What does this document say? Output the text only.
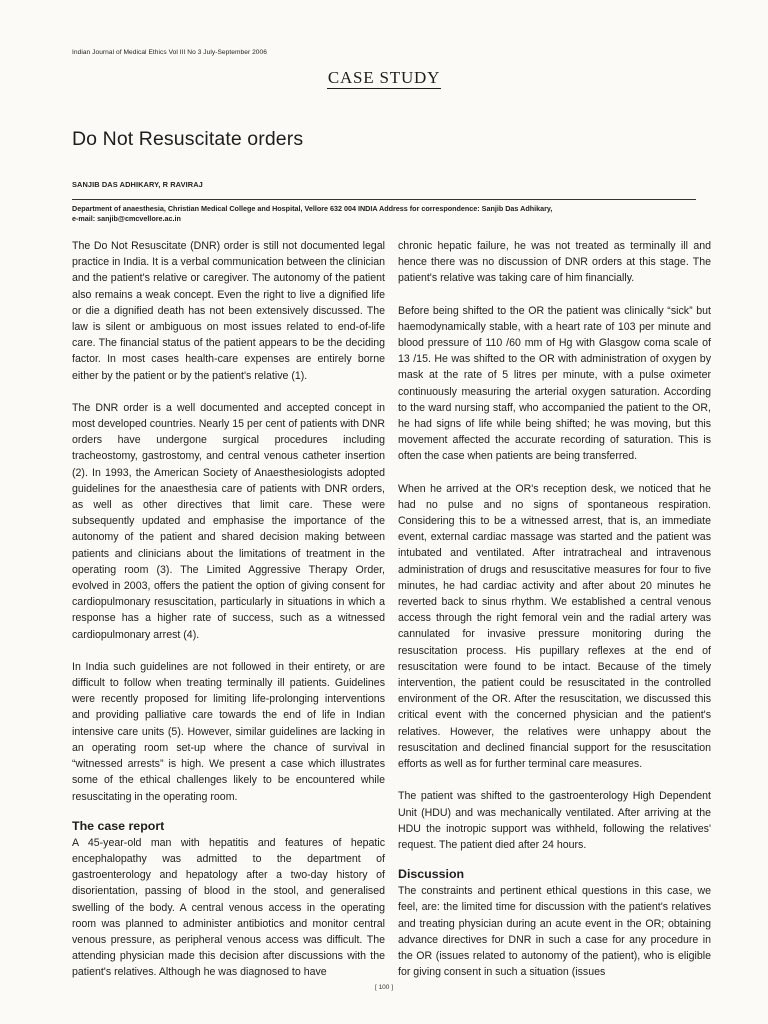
Indian Journal of Medical Ethics Vol III No 3 July-September 2006
CASE STUDY
Do Not Resuscitate orders
SANJIB DAS ADHIKARY, R RAVIRAJ
Department of anaesthesia, Christian Medical College and Hospital, Vellore 632 004 INDIA Address for correspondence: Sanjib Das Adhikary,
e-mail: sanjib@cmcvellore.ac.in

The Do Not Resuscitate (DNR) order is still not documented legal practice in India. It is a verbal communication between the clinician and the patient's relative or caregiver. The autonomy of the patient also remains a weak concept. Even the right to live a dignified life or die a dignified death has not been extensively discussed. The law is silent or ambiguous on most issues related to end-of-life care. The financial status of the patient appears to be the deciding factor. In most cases health-care expenses are entirely borne either by the patient or by the patient's relative (1).

The DNR order is a well documented and accepted concept in most developed countries. Nearly 15 per cent of patients with DNR orders have undergone surgical procedures including tracheostomy, gastrostomy, and central venous catheter insertion (2). In 1993, the American Society of Anaesthesiologists adopted guidelines for the anaesthesia care of patients with DNR orders, as well as other directives that limit care. These were subsequently updated and emphasise the importance of the autonomy of the patient and shared decision making between patients and clinicians about the limitations of treatment in the operating room (3). The Limited Aggressive Therapy Order, evolved in 2003, offers the patient the option of giving consent for cardiopulmonary resuscitation, particularly in situations in which a response has a higher rate of success, such as a witnessed cardiopulmonary arrest (4).

In India such guidelines are not followed in their entirety, or are difficult to follow when treating terminally ill patients. Guidelines were recently proposed for limiting life-prolonging interventions and providing palliative care towards the end of life in Indian intensive care units (5). However, similar guidelines are lacking in an operating room set-up where the chance of survival in “witnessed arrests” is high. We present a case which illustrates some of the ethical challenges likely to be encountered while resuscitating in the operating room.

The case report

A 45-year-old man with hepatitis and features of hepatic encephalopathy was admitted to the department of gastroenterology and hepatology after a two-day history of disorientation, passing of blood in the stool, and generalised swelling of the body. A central venous access in the operating room was planned to administer antibiotics and monitor central venous pressure, as peripheral venous access was difficult. The attending physician made this decision after discussions with the patient's relatives. Although he was diagnosed to have

chronic hepatic failure, he was not treated as terminally ill and hence there was no discussion of DNR orders at this stage. The patient's relative was taking care of him financially.

Before being shifted to the OR the patient was clinically “sick” but haemodynamically stable, with a heart rate of 103 per minute and blood pressure of 110 /60 mm of Hg with Glasgow coma scale of 13 /15. He was shifted to the OR with administration of oxygen by mask at the rate of 5 litres per minute, with a pulse oximeter continuously measuring the arterial oxygen saturation. According to the ward nursing staff, who accompanied the patient to the OR, he had signs of life while being shifted; he was moving, but this movement affected the accurate recording of saturation. This is often the case when patients are being transferred.

When he arrived at the OR's reception desk, we noticed that he had no pulse and no signs of spontaneous respiration. Considering this to be a witnessed arrest, that is, an immediate event, external cardiac massage was started and the patient was intubated and ventilated. After intratracheal and intravenous administration of drugs and resuscitative measures for four to five minutes, he had cardiac activity and after about 20 minutes he reverted back to sinus rhythm. We established a central venous access through the right femoral vein and the radial artery was cannulated for invasive pressure monitoring during the resuscitation process. His pupillary reflexes at the end of resuscitation were found to be intact. Because of the timely intervention, the patient could be resuscitated in the controlled environment of the OR. After the resuscitation, we discussed this critical event with the concerned physician and the patient's relatives. However, the relatives were unhappy about the resuscitation and declined financial support for the resuscitation efforts as well as for further terminal care measures.

The patient was shifted to the gastroenterology High Dependent Unit (HDU) and was mechanically ventilated. After arriving at the HDU the inotropic support was withheld, following the relatives' request. The patient died after 24 hours.

Discussion

The constraints and pertinent ethical questions in this case, we feel, are: the limited time for discussion with the patient's relatives and treating physician during an acute event in the OR; obtaining advance directives for DNR in such a case for any procedure in the OR (issues related to autonomy of the patient), who is eligible for giving consent in such a situation (issues

[ 100 ]
